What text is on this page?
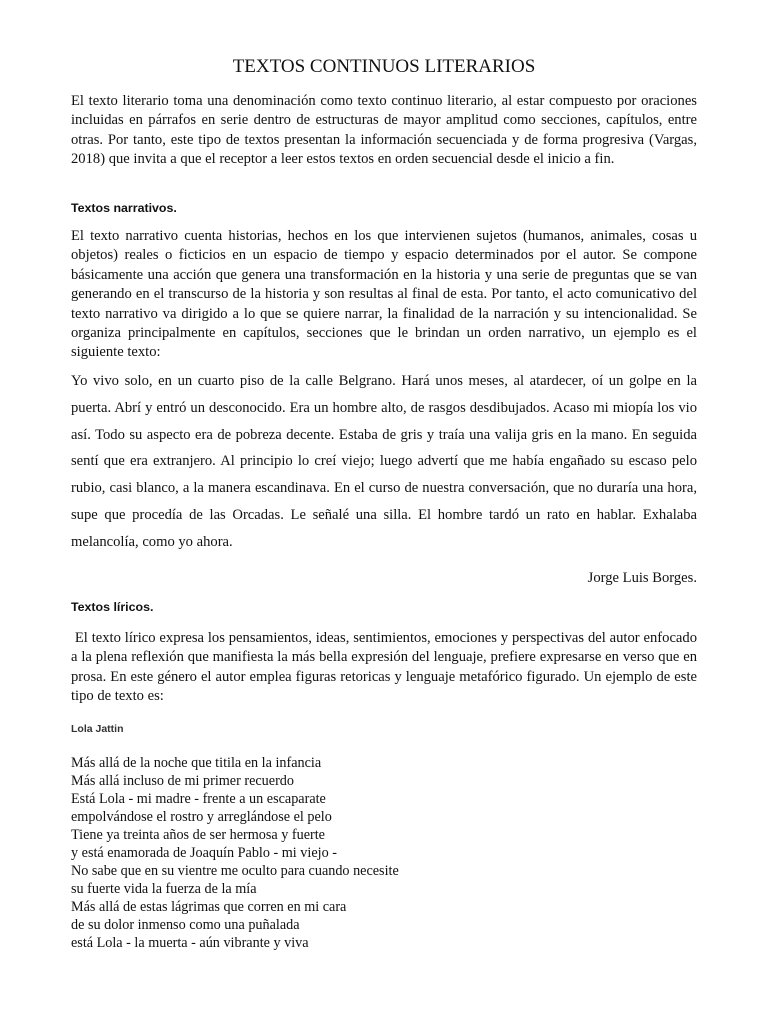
TEXTOS CONTINUOS LITERARIOS

El texto literario toma una denominación como texto continuo literario, al estar compuesto por oraciones incluidas en párrafos en serie dentro de estructuras de mayor amplitud como secciones, capítulos, entre otras. Por tanto, este tipo de textos presentan la información secuenciada y de forma progresiva (Vargas, 2018) que invita a que el receptor a leer estos textos en orden secuencial desde el inicio a fin.

Textos narrativos.

El texto narrativo cuenta historias, hechos en los que intervienen sujetos (humanos, animales, cosas u objetos) reales o ficticios en un espacio de tiempo y espacio determinados por el autor. Se compone básicamente una acción que genera una transformación en la historia y una serie de preguntas que se van generando en el transcurso de la historia y son resultas al final de esta. Por tanto, el acto comunicativo del texto narrativo va dirigido a lo que se quiere narrar, la finalidad de la narración y su intencionalidad. Se organiza principalmente en capítulos, secciones que le brindan un orden narrativo, un ejemplo es el siguiente texto:

Yo vivo solo, en un cuarto piso de la calle Belgrano. Hará unos meses, al atardecer, oí un golpe en la puerta. Abrí y entró un desconocido. Era un hombre alto, de rasgos desdibujados. Acaso mi miopía los vio así. Todo su aspecto era de pobreza decente. Estaba de gris y traía una valija gris en la mano. En seguida sentí que era extranjero. Al principio lo creí viejo; luego advertí que me había engañado su escaso pelo rubio, casi blanco, a la manera escandinava. En el curso de nuestra conversación, que no duraría una hora, supe que procedía de las Orcadas. Le señalé una silla. El hombre tardó un rato en hablar. Exhalaba melancolía, como yo ahora.

Jorge Luis Borges.

Textos líricos.

El texto lírico expresa los pensamientos, ideas, sentimientos, emociones y perspectivas del autor enfocado a la plena reflexión que manifiesta la más bella expresión del lenguaje, prefiere expresarse en verso que en prosa. En este género el autor emplea figuras retoricas y lenguaje metafórico figurado. Un ejemplo de este tipo de texto es:

Lola Jattin

Más allá de la noche que titila en la infancia
Más allá incluso de mi primer recuerdo
Está Lola - mi madre - frente a un escaparate
empolvándose el rostro y arreglándose el pelo
Tiene ya treinta años de ser hermosa y fuerte
y está enamorada de Joaquín Pablo - mi viejo -
No sabe que en su vientre me oculto para cuando necesite
su fuerte vida la fuerza de la mía
Más allá de estas lágrimas que corren en mi cara
de su dolor inmenso como una puñalada
está Lola - la muerta - aún vibrante y viva
